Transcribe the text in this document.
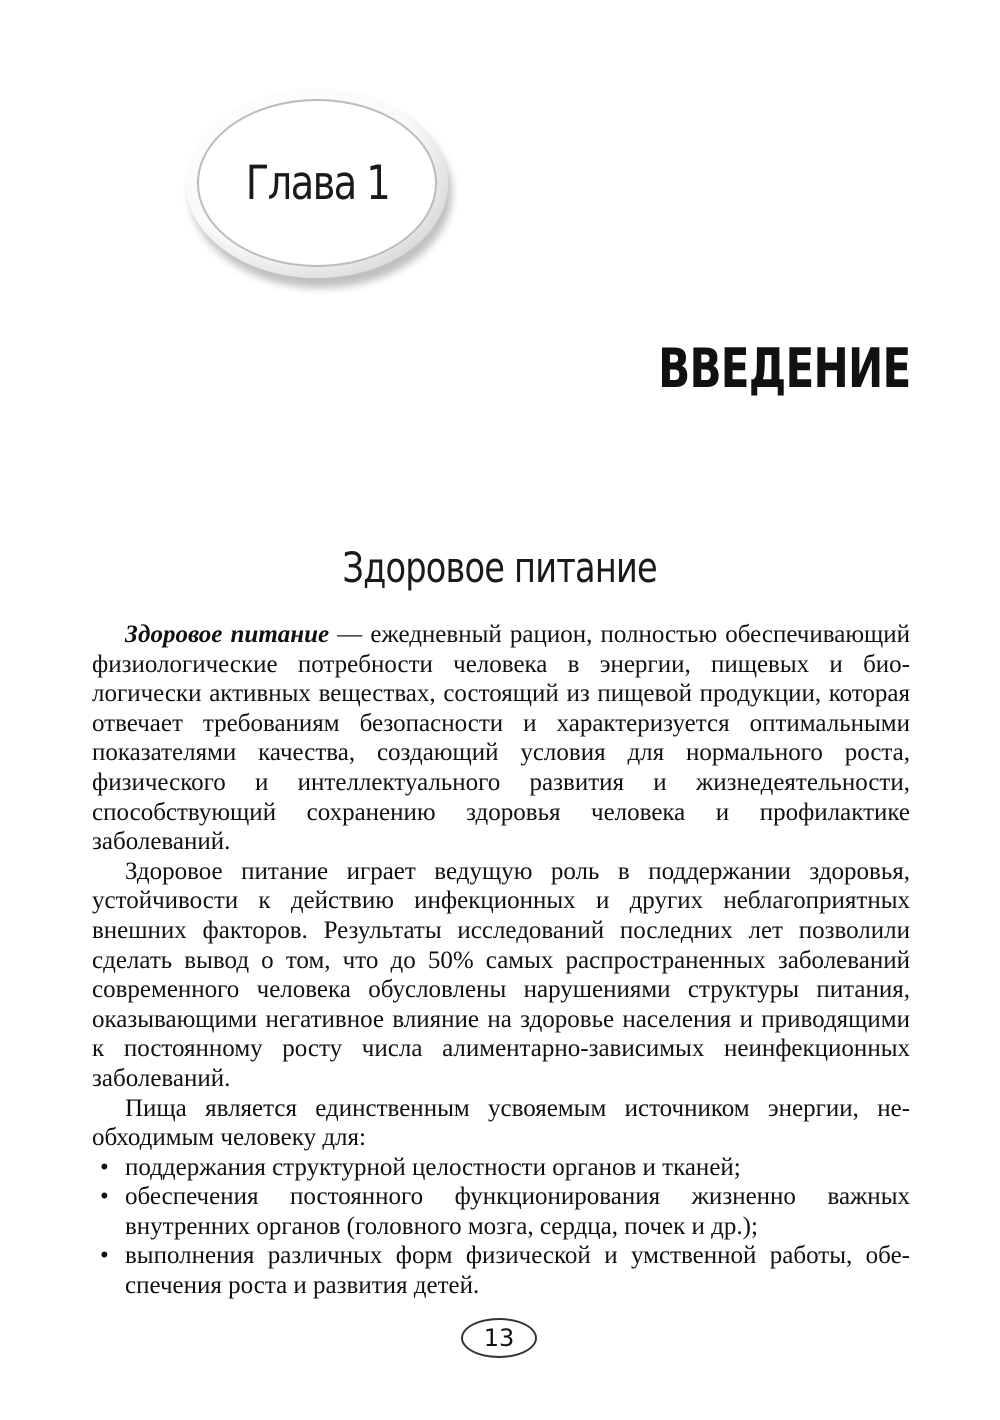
Глава 1
ВВЕДЕНИЕ
Здоровое питание

Здоровое питание — ежедневный рацион, полностью обеспечивающий физиологические потребности человека в энергии, пищевых и биологически активных веществах, состоящий из пищевой продукции, которая отвечает требованиям безопасности и характеризуется оптимальными показателями качества, создающий условия для нормального роста, физического и интеллектуального развития и жизнедеятельности, способствующий сохранению здоровья человека и профилактике заболеваний.

Здоровое питание играет ведущую роль в поддержании здоровья, устойчивости к действию инфекционных и других неблагоприятных внешних факторов. Результаты исследований последних лет позволили сделать вывод о том, что до 50% самых распространенных заболеваний современного человека обусловлены нарушениями структуры питания, оказывающими негативное влияние на здоровье населения и приводящими к постоянному росту числа алиментарно-зависимых неинфекционных заболеваний.

Пища является единственным усвояемым источником энергии, необходимым человеку для:

• поддержания структурной целостности органов и тканей;
• обеспечения постоянного функционирования жизненно важных внутренних органов (головного мозга, сердца, почек и др.);
• выполнения различных форм физической и умственной работы, обеспечения роста и развития детей.
13
